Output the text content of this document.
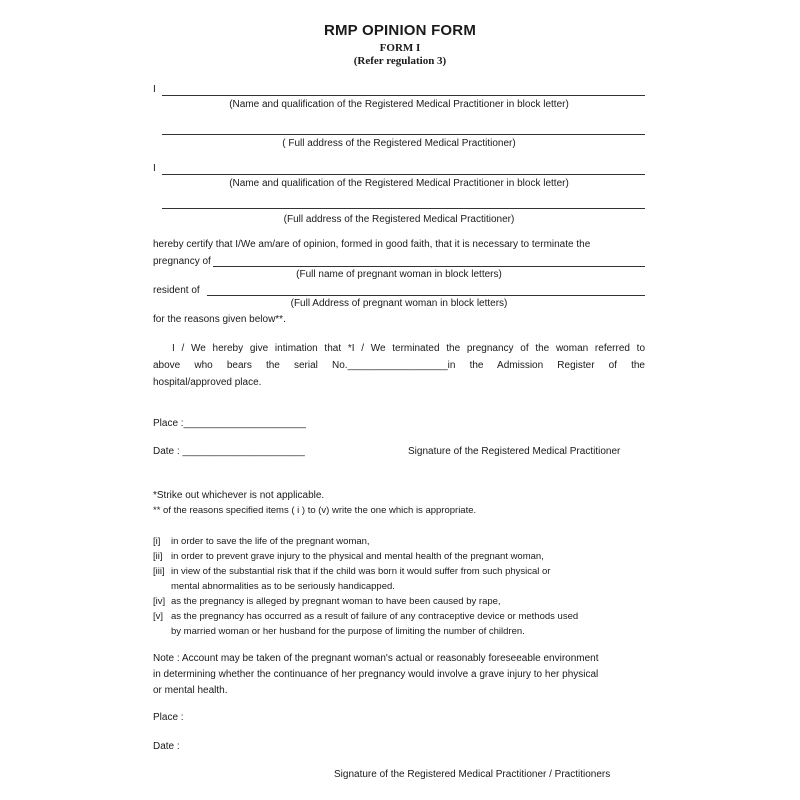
RMP OPINION FORM
FORM I
(Refer regulation 3)
I
(Name and qualification of the Registered Medical Practitioner in block letter)
( Full address of the Registered Medical Practitioner)
I
(Name and qualification of the Registered Medical Practitioner in block letter)
(Full address of the Registered Medical Practitioner)
hereby certify that I/We am/are of opinion, formed in good faith, that it is necessary to terminate the
pregnancy of
(Full name of pregnant woman in block letters)
resident of
(Full Address of pregnant woman in block letters)
for the reasons given below**.
I / We hereby give intimation that *I / We terminated the pregnancy of the woman referred to
above who bears the serial No.__________________in the Admission Register of the
hospital/approved place.
Place :______________________
Date : ______________________	Signature of the Registered Medical Practitioner
*Strike out whichever is not applicable.
** of the reasons specified items ( i ) to (v) write the one which is appropriate.
[i] in order to save the life of the pregnant woman,
[ii] in order to prevent grave injury to the physical and mental health of the pregnant woman,
[iii] in view of the substantial risk that if the child was born it would suffer from such physical or
mental abnormalities as to be seriously handicapped.
[iv] as the pregnancy is alleged by pregnant woman to have been caused by rape,
[v] as the pregnancy has occurred as a result of failure of any contraceptive device or methods used
by married woman or her husband for the purpose of limiting the number of children.
Note : Account may be taken of the pregnant woman's actual or reasonably foreseeable environment
in determining whether the continuance of her pregnancy would involve a grave injury to her physical
or mental health.
Place :
Date :
Signature of the Registered Medical Practitioner / Practitioners
